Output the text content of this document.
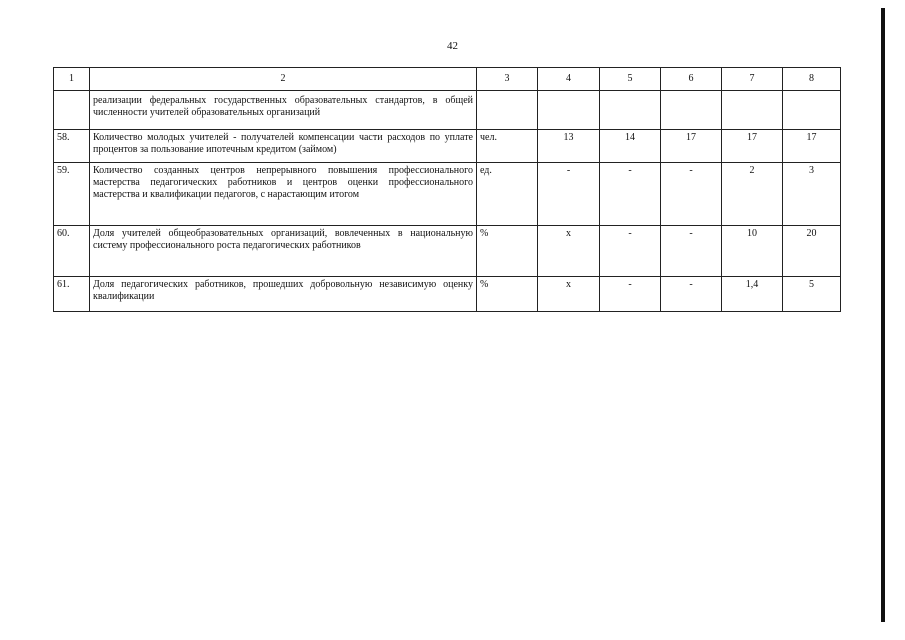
42
1	2	3	4	5	6	7	8
	реализации федеральных государственных образовательных стандартов, в общей численности учителей образовательных организаций						
58.	Количество молодых учителей - получателей компенсации части расходов по уплате процентов за пользование ипотечным кредитом (займом)	чел.	13	14	17	17	17
59.	Количество созданных центров непрерывного повышения профессионального мастерства педагогических работников и центров оценки профессионального мастерства и квалификации педагогов, с нарастающим итогом	ед.	-	-	-	2	3
60.	Доля учителей общеобразовательных организаций, вовлеченных в национальную систему профессионального роста педагогических работников	%	х	-	-	10	20
61.	Доля педагогических работников, прошедших добровольную независимую оценку квалификации	%	х	-	-	1,4	5
